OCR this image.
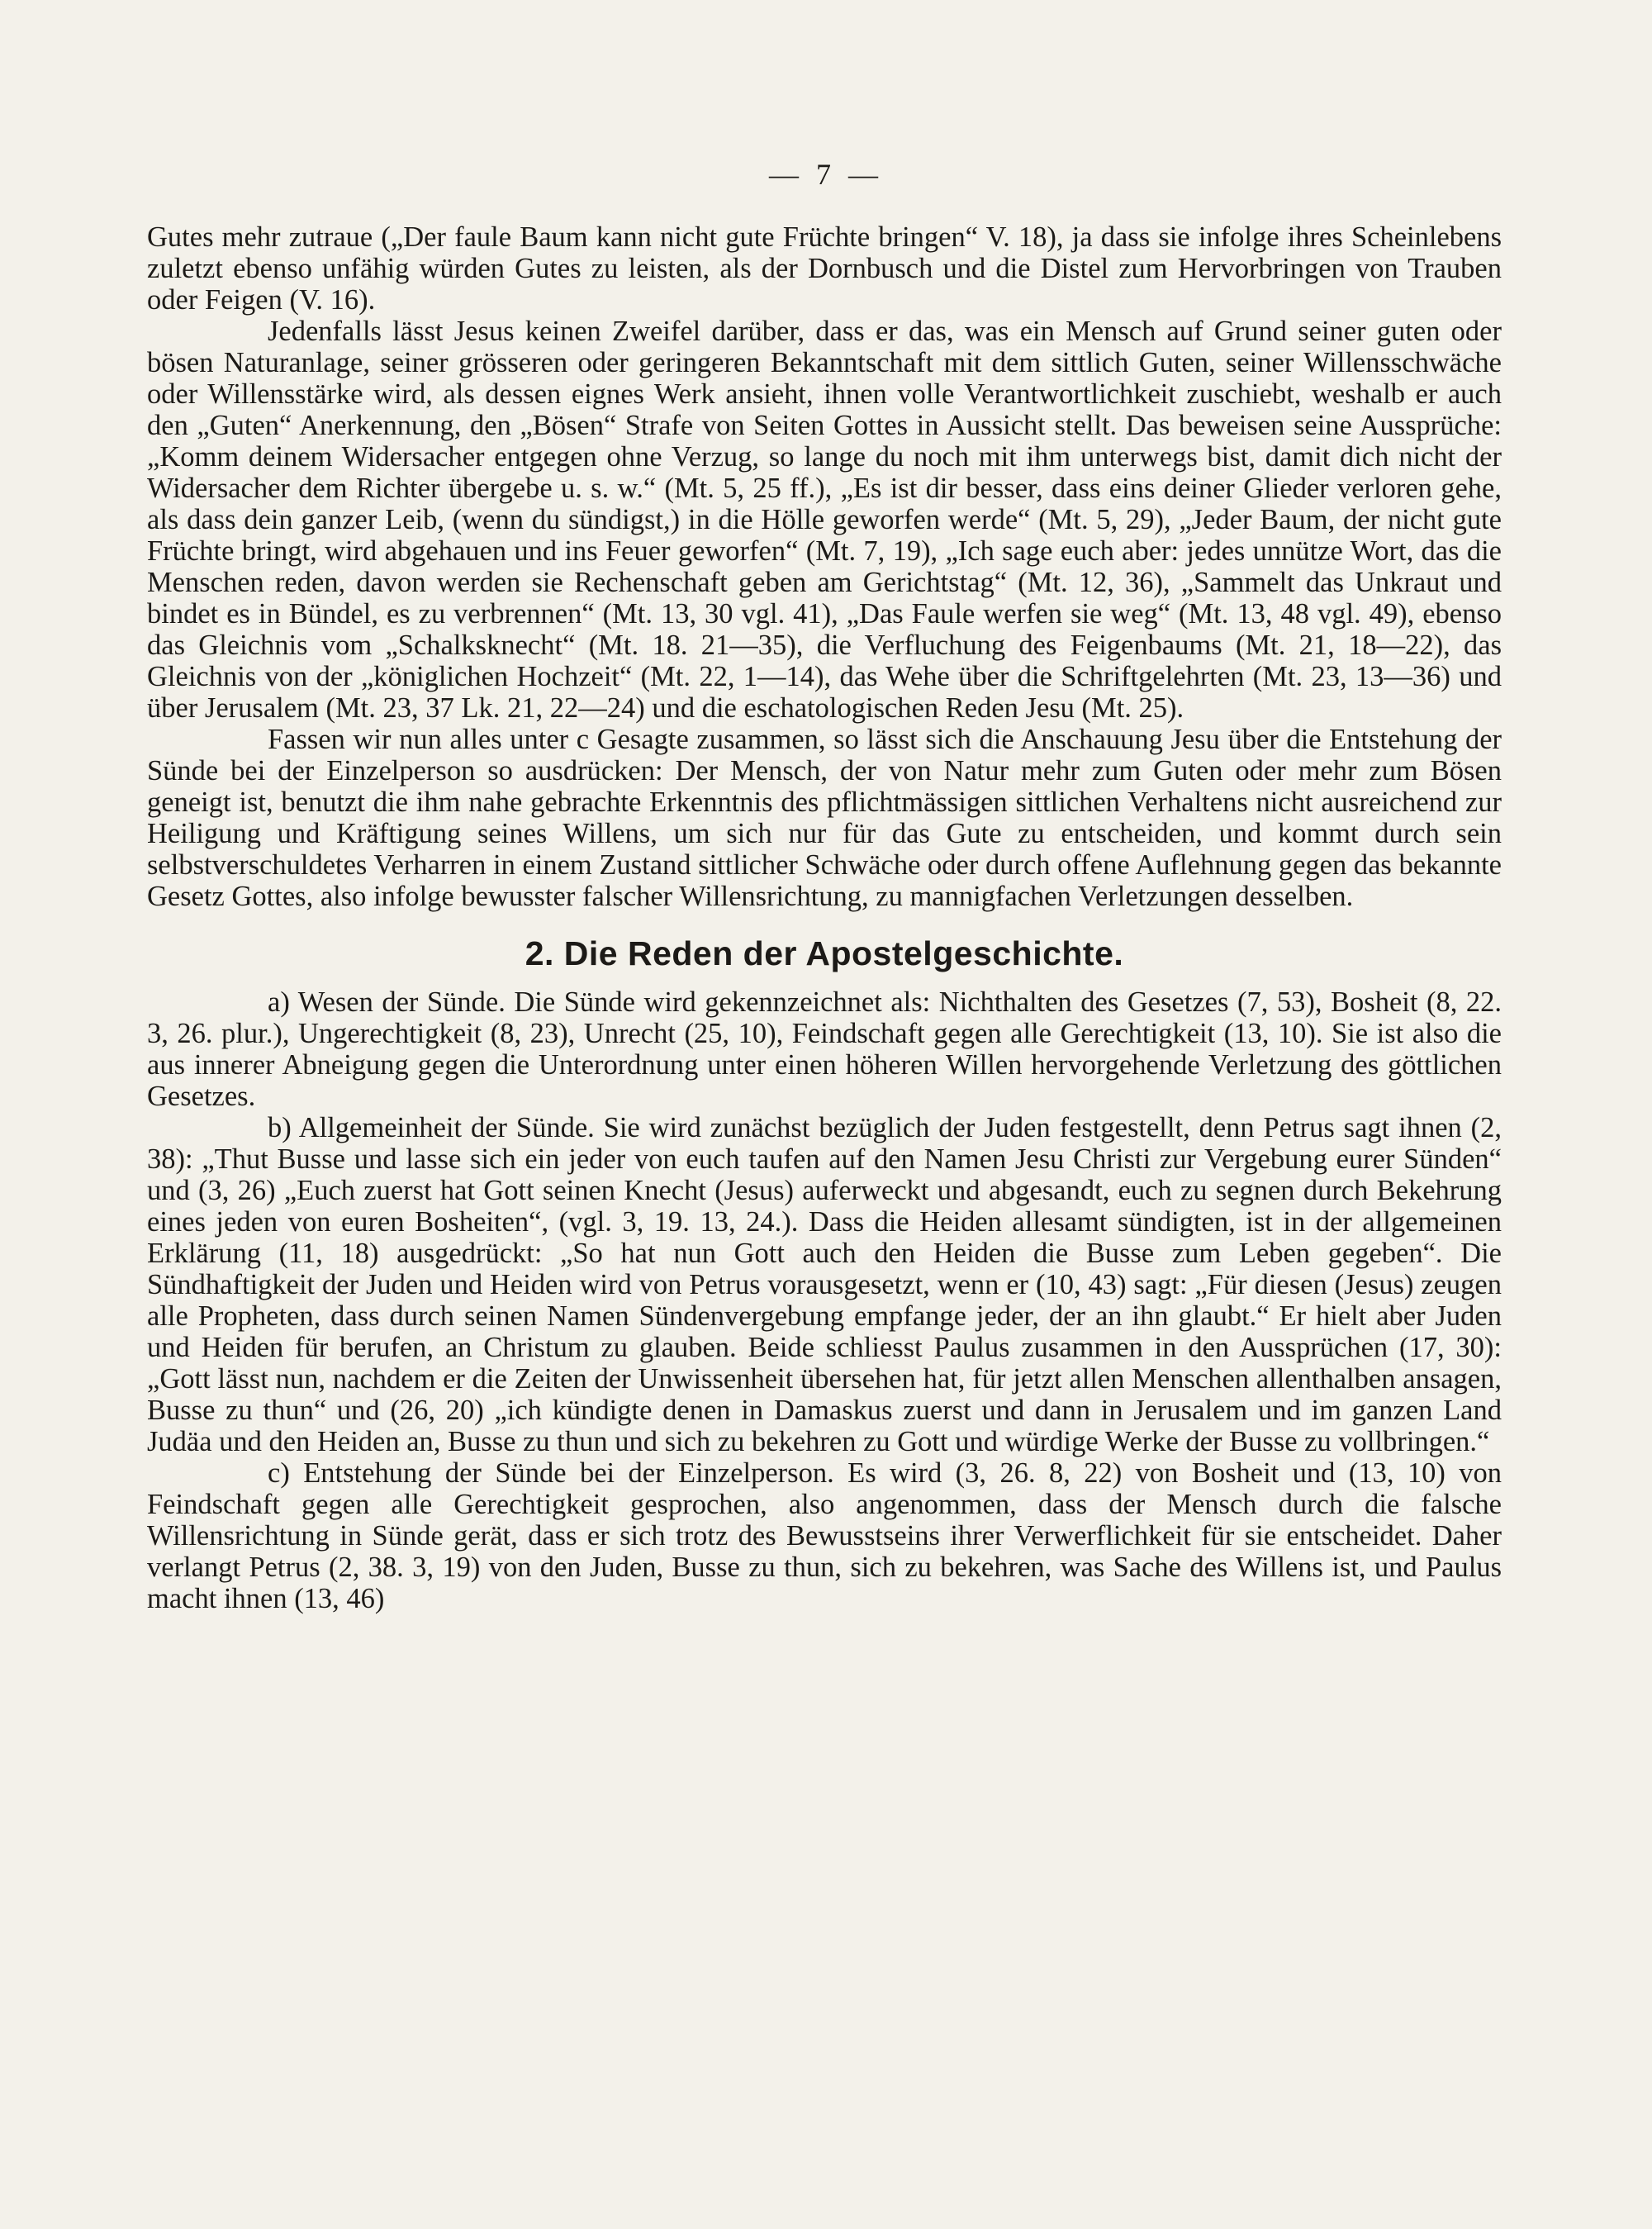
— 7 —

Gutes mehr zutraue („Der faule Baum kann nicht gute Früchte bringen“ V. 18), ja dass sie infolge ihres Scheinlebens zuletzt ebenso unfähig würden Gutes zu leisten, als der Dornbusch und die Distel zum Hervorbringen von Trauben oder Feigen (V. 16).

Jedenfalls lässt Jesus keinen Zweifel darüber, dass er das, was ein Mensch auf Grund seiner guten oder bösen Naturanlage, seiner grösseren oder geringeren Bekanntschaft mit dem sittlich Guten, seiner Willensschwäche oder Willensstärke wird, als dessen eignes Werk ansieht, ihnen volle Verantwortlichkeit zuschiebt, weshalb er auch den „Guten“ Anerkennung, den „Bösen“ Strafe von Seiten Gottes in Aussicht stellt. Das beweisen seine Aussprüche: „Komm deinem Widersacher entgegen ohne Verzug, so lange du noch mit ihm unterwegs bist, damit dich nicht der Widersacher dem Richter übergebe u. s. w.“ (Mt. 5, 25 ff.), „Es ist dir besser, dass eins deiner Glieder verloren gehe, als dass dein ganzer Leib, (wenn du sündigst,) in die Hölle geworfen werde“ (Mt. 5, 29), „Jeder Baum, der nicht gute Früchte bringt, wird abgehauen und ins Feuer geworfen“ (Mt. 7, 19), „Ich sage euch aber: jedes unnütze Wort, das die Menschen reden, davon werden sie Rechenschaft geben am Gerichtstag“ (Mt. 12, 36), „Sammelt das Unkraut und bindet es in Bündel, es zu verbrennen“ (Mt. 13, 30 vgl. 41), „Das Faule werfen sie weg“ (Mt. 13, 48 vgl. 49), ebenso das Gleichnis vom „Schalksknecht“ (Mt. 18. 21—35), die Verfluchung des Feigenbaums (Mt. 21, 18—22), das Gleichnis von der „königlichen Hochzeit“ (Mt. 22, 1—14), das Wehe über die Schriftgelehrten (Mt. 23, 13—36) und über Jerusalem (Mt. 23, 37 Lk. 21, 22—24) und die eschatologischen Reden Jesu (Mt. 25).

Fassen wir nun alles unter c Gesagte zusammen, so lässt sich die Anschauung Jesu über die Entstehung der Sünde bei der Einzelperson so ausdrücken: Der Mensch, der von Natur mehr zum Guten oder mehr zum Bösen geneigt ist, benutzt die ihm nahe gebrachte Erkenntnis des pflichtmässigen sittlichen Verhaltens nicht ausreichend zur Heiligung und Kräftigung seines Willens, um sich nur für das Gute zu entscheiden, und kommt durch sein selbstverschuldetes Verharren in einem Zustand sittlicher Schwäche oder durch offene Auflehnung gegen das bekannte Gesetz Gottes, also infolge bewusster falscher Willensrichtung, zu mannigfachen Verletzungen desselben.

2. Die Reden der Apostelgeschichte.

a) Wesen der Sünde. Die Sünde wird gekennzeichnet als: Nichthalten des Gesetzes (7, 53), Bosheit (8, 22. 3, 26. plur.), Ungerechtigkeit (8, 23), Unrecht (25, 10), Feindschaft gegen alle Gerechtigkeit (13, 10). Sie ist also die aus innerer Abneigung gegen die Unterordnung unter einen höheren Willen hervorgehende Verletzung des göttlichen Gesetzes.

b) Allgemeinheit der Sünde. Sie wird zunächst bezüglich der Juden festgestellt, denn Petrus sagt ihnen (2, 38): „Thut Busse und lasse sich ein jeder von euch taufen auf den Namen Jesu Christi zur Vergebung eurer Sünden“ und (3, 26) „Euch zuerst hat Gott seinen Knecht (Jesus) auferweckt und abgesandt, euch zu segnen durch Bekehrung eines jeden von euren Bosheiten“, (vgl. 3, 19. 13, 24.). Dass die Heiden allesamt sündigten, ist in der allgemeinen Erklärung (11, 18) ausgedrückt: „So hat nun Gott auch den Heiden die Busse zum Leben gegeben“. Die Sündhaftigkeit der Juden und Heiden wird von Petrus vorausgesetzt, wenn er (10, 43) sagt: „Für diesen (Jesus) zeugen alle Propheten, dass durch seinen Namen Sündenvergebung empfange jeder, der an ihn glaubt.“ Er hielt aber Juden und Heiden für berufen, an Christum zu glauben. Beide schliesst Paulus zusammen in den Aussprüchen (17, 30): „Gott lässt nun, nachdem er die Zeiten der Unwissenheit übersehen hat, für jetzt allen Menschen allenthalben ansagen, Busse zu thun“ und (26, 20) „ich kündigte denen in Damaskus zuerst und dann in Jerusalem und im ganzen Land Judäa und den Heiden an, Busse zu thun und sich zu bekehren zu Gott und würdige Werke der Busse zu vollbringen.“

c) Entstehung der Sünde bei der Einzelperson. Es wird (3, 26. 8, 22) von Bosheit und (13, 10) von Feindschaft gegen alle Gerechtigkeit gesprochen, also angenommen, dass der Mensch durch die falsche Willensrichtung in Sünde gerät, dass er sich trotz des Bewusstseins ihrer Verwerflichkeit für sie entscheidet. Daher verlangt Petrus (2, 38. 3, 19) von den Juden, Busse zu thun, sich zu bekehren, was Sache des Willens ist, und Paulus macht ihnen (13, 46)
